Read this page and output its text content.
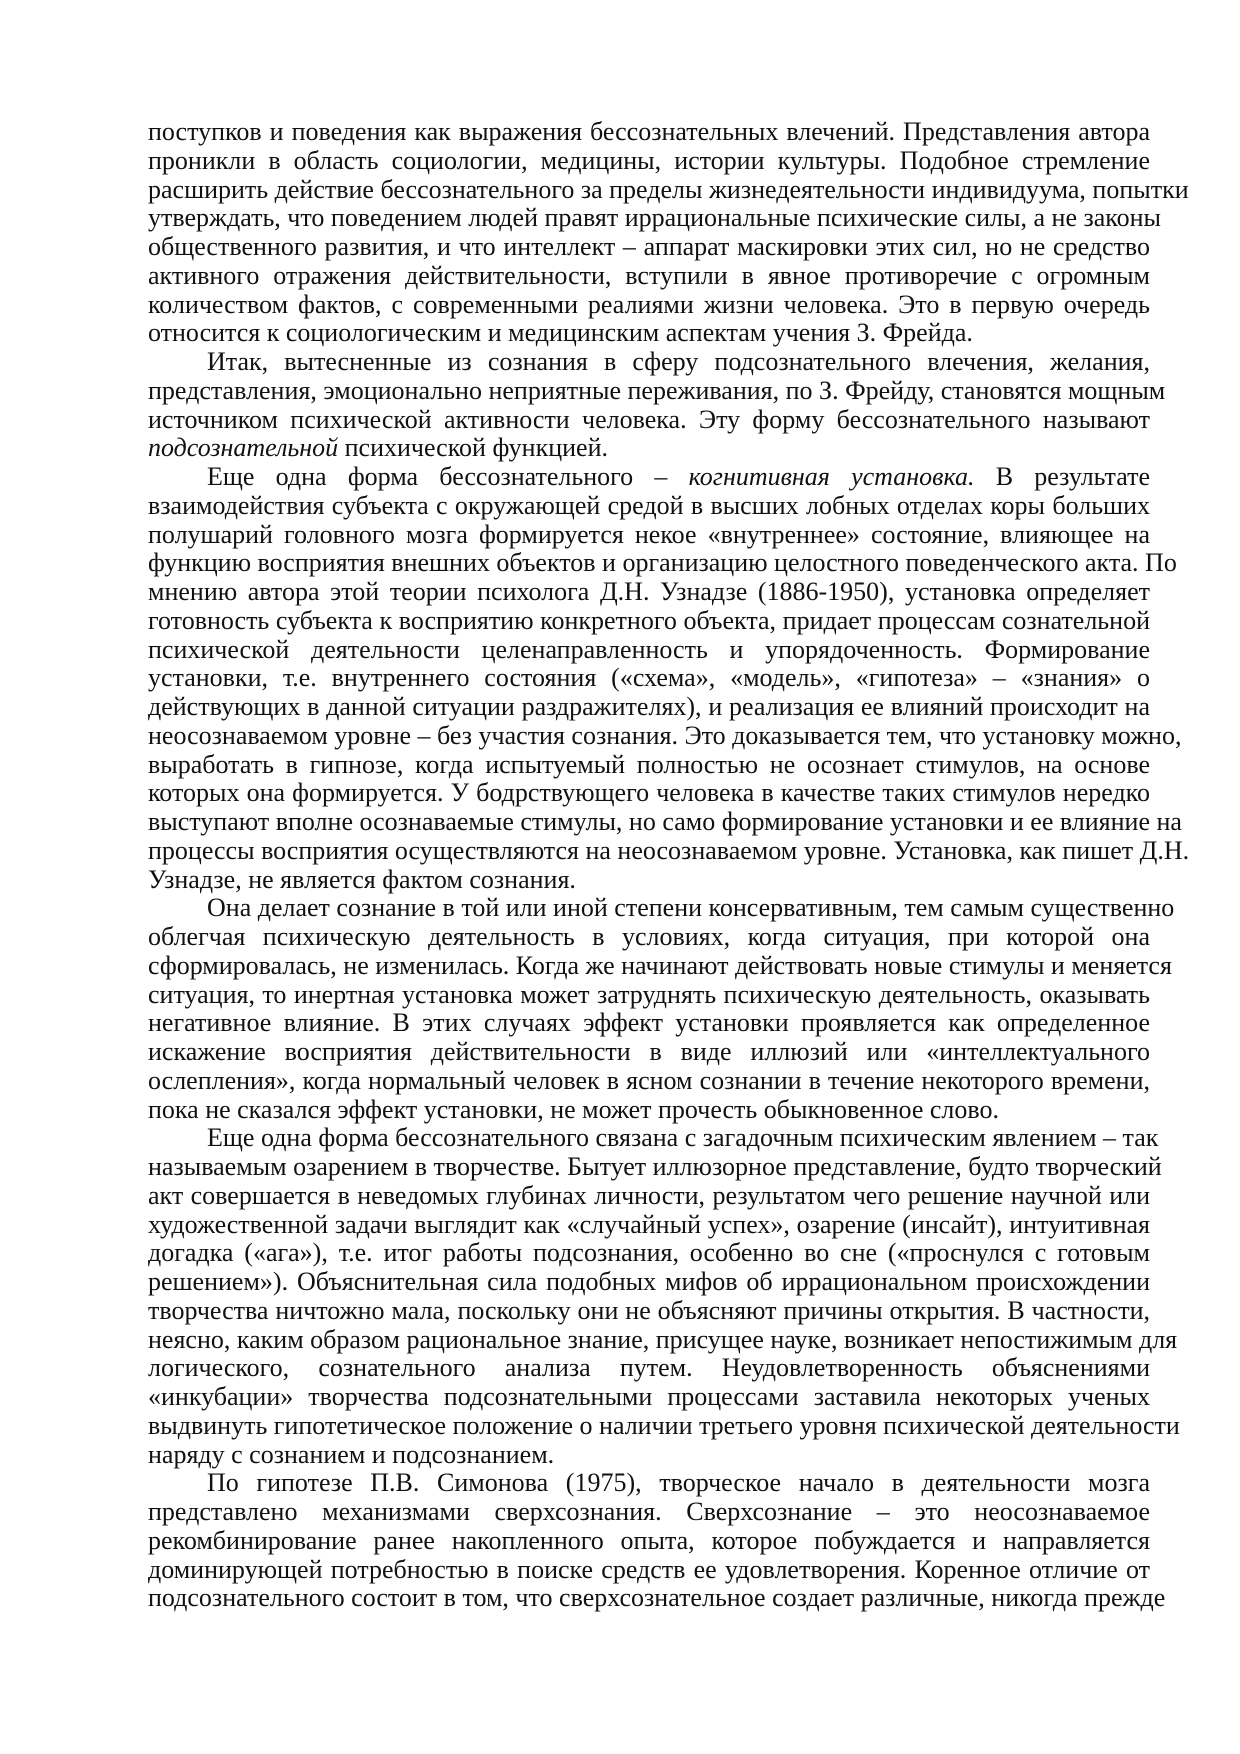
поступков и поведения как выражения бессознательных влечений. Представления автора
проникли в область социологии, медицины, истории культуры. Подобное стремление
расширить действие бессознательного за пределы жизнедеятельности индивидуума, попытки
утверждать, что поведением людей правят иррациональные психические силы, а не законы
общественного развития, и что интеллект – аппарат маскировки этих сил, но не средство
активного отражения действительности, вступили в явное противоречие с огромным
количеством фактов, с современными реалиями жизни человека. Это в первую очередь
относится к социологическим и медицинским аспектам учения З. Фрейда.
Итак, вытесненные из сознания в сферу подсознательного влечения, желания,
представления, эмоционально неприятные переживания, по З. Фрейду, становятся мощным
источником психической активности человека. Эту форму бессознательного называют
подсознательной психической функцией.
Еще одна форма бессознательного – когнитивная установка. В результате
взаимодействия субъекта с окружающей средой в высших лобных отделах коры больших
полушарий головного мозга формируется некое «внутреннее» состояние, влияющее на
функцию восприятия внешних объектов и организацию целостного поведенческого акта. По
мнению автора этой теории психолога Д.Н. Узнадзе (1886-1950), установка определяет
готовность субъекта к восприятию конкретного объекта, придает процессам сознательной
психической деятельности целенаправленность и упорядоченность. Формирование
установки, т.е. внутреннего состояния («схема», «модель», «гипотеза» – «знания» о
действующих в данной ситуации раздражителях), и реализация ее влияний происходит на
неосознаваемом уровне – без участия сознания. Это доказывается тем, что установку можно,
выработать в гипнозе, когда испытуемый полностью не осознает стимулов, на основе
которых она формируется. У бодрствующего человека в качестве таких стимулов нередко
выступают вполне осознаваемые стимулы, но само формирование установки и ее влияние на
процессы восприятия осуществляются на неосознаваемом уровне. Установка, как пишет Д.Н.
Узнадзе, не является фактом сознания.
Она делает сознание в той или иной степени консервативным, тем самым существенно
облегчая психическую деятельность в условиях, когда ситуация, при которой она
сформировалась, не изменилась. Когда же начинают действовать новые стимулы и меняется
ситуация, то инертная установка может затруднять психическую деятельность, оказывать
негативное влияние. В этих случаях эффект установки проявляется как определенное
искажение восприятия действительности в виде иллюзий или «интеллектуального
ослепления», когда нормальный человек в ясном сознании в течение некоторого времени,
пока не сказался эффект установки, не может прочесть обыкновенное слово.
Еще одна форма бессознательного связана с загадочным психическим явлением – так
называемым озарением в творчестве. Бытует иллюзорное представление, будто творческий
акт совершается в неведомых глубинах личности, результатом чего решение научной или
художественной задачи выглядит как «случайный успех», озарение (инсайт), интуитивная
догадка («ага»), т.е. итог работы подсознания, особенно во сне («проснулся с готовым
решением»). Объяснительная сила подобных мифов об иррациональном происхождении
творчества ничтожно мала, поскольку они не объясняют причины открытия. В частности,
неясно, каким образом рациональное знание, присущее науке, возникает непостижимым для
логического, сознательного анализа путем. Неудовлетворенность объяснениями
«инкубации» творчества подсознательными процессами заставила некоторых ученых
выдвинуть гипотетическое положение о наличии третьего уровня психической деятельности
наряду с сознанием и подсознанием.
По гипотезе П.В. Симонова (1975), творческое начало в деятельности мозга
представлено механизмами сверхсознания. Сверхсознание – это неосознаваемое
рекомбинирование ранее накопленного опыта, которое побуждается и направляется
доминирующей потребностью в поиске средств ее удовлетворения. Коренное отличие от
подсознательного состоит в том, что сверхсознательное создает различные, никогда прежде
